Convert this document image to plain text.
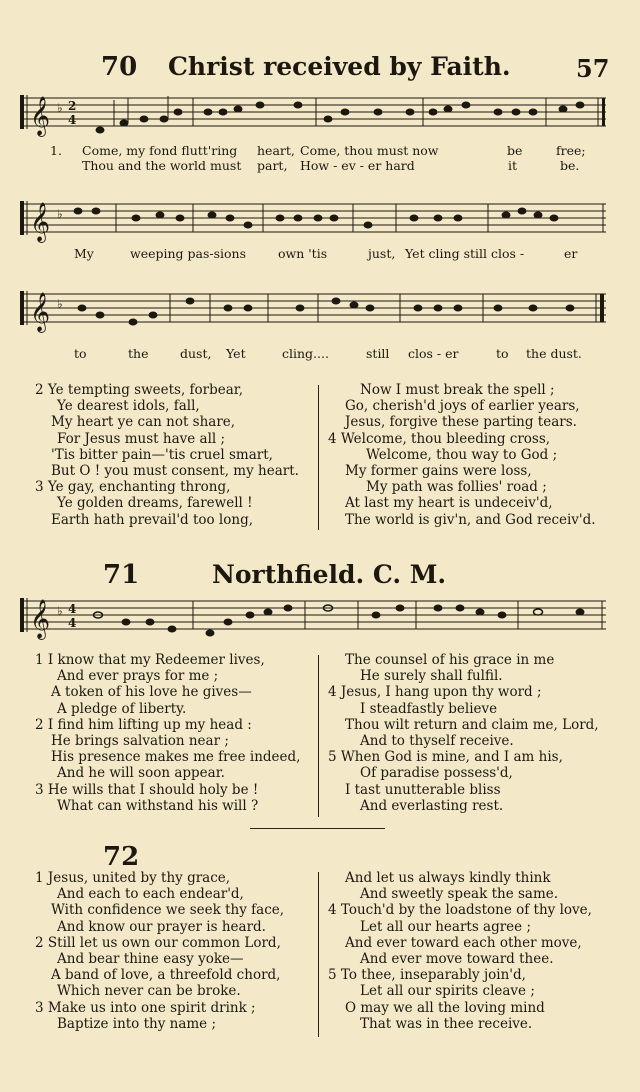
70 Christ received by Faith.	57
𝄞 ♭ 2
4
1. Come, my fond flutt'ring heart, Come, thou must now	be	free;
Thou and the world must part, How - ev - er hard	it	be.
𝄞 ♭
My	weeping pas-sions	own 'tis	just, Yet cling still clos -	er
𝄞 ♭
to	the	dust, Yet	cling....	still clos - er	to the dust.
2 Ye tempting sweets, forbear,
Ye dearest idols, fall,
My heart ye can not share,
For Jesus must have all ;
'Tis bitter pain—'tis cruel smart,
But O ! you must consent, my heart.
3 Ye gay, enchanting throng,
Ye golden dreams, farewell !
Earth hath prevail'd too long,
Now I must break the spell ;
Go, cherish'd joys of earlier years,
Jesus, forgive these parting tears.
4 Welcome, thou bleeding cross,
Welcome, thou way to God ;
My former gains were loss,
My path was follies' road ;
At last my heart is undeceiv'd,
The world is giv'n, and God receiv'd.
71	Northfield. C. M.
𝄞 ♭ 4
4
1 I know that my Redeemer lives,
And ever prays for me ;
A token of his love he gives—
A pledge of liberty.
2 I find him lifting up my head :
He brings salvation near ;
His presence makes me free indeed,
And he will soon appear.
3 He wills that I should holy be !
What can withstand his will ?
The counsel of his grace in me
He surely shall fulfil.
4 Jesus, I hang upon thy word ;
I steadfastly believe
Thou wilt return and claim me, Lord,
And to thyself receive.
5 When God is mine, and I am his,
Of paradise possess'd,
I tast unutterable bliss
And everlasting rest.
72
1 Jesus, united by thy grace,
And each to each endear'd,
With confidence we seek thy face,
And know our prayer is heard.
2 Still let us own our common Lord,
And bear thine easy yoke—
A band of love, a threefold chord,
Which never can be broke.
3 Make us into one spirit drink ;
Baptize into thy name ;
And let us always kindly think
And sweetly speak the same.
4 Touch'd by the loadstone of thy love,
Let all our hearts agree ;
And ever toward each other move,
And ever move toward thee.
5 To thee, inseparably join'd,
Let all our spirits cleave ;
O may we all the loving mind
That was in thee receive.
